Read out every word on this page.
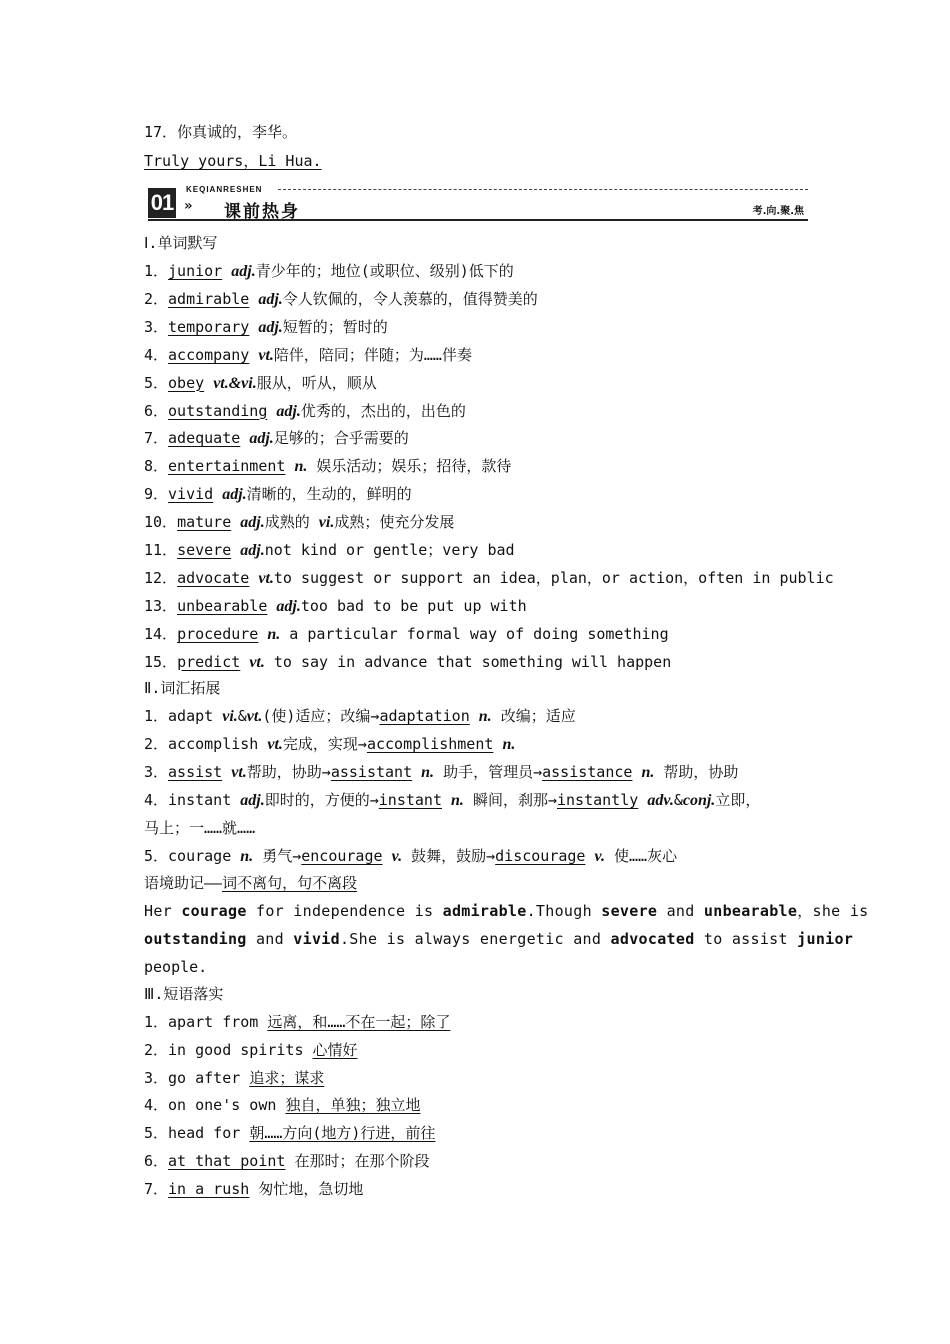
17．你真诚的，李华。
Truly yours，Li Hua.
01
KEQIANRESHEN
» 课前热身	考.向.聚.焦
Ⅰ.单词默写
1．junior adj.青少年的；地位(或职位、级别)低下的
2．admirable adj.令人钦佩的，令人羡慕的，值得赞美的
3．temporary adj.短暂的；暂时的
4．accompany vt.陪伴，陪同；伴随；为……伴奏
5．obey vt.&vi.服从，听从，顺从
6．outstanding adj.优秀的，杰出的，出色的
7．adequate adj.足够的；合乎需要的
8．entertainment n. 娱乐活动；娱乐；招待，款待
9．vivid adj.清晰的，生动的，鲜明的
10．mature adj.成熟的 vi.成熟；使充分发展
11．severe adj.not kind or gentle；very bad
12．advocate vt.to suggest or support an idea，plan，or action，often in public
13．unbearable adj.too bad to be put up with
14．procedure n. a particular formal way of doing something
15．predict vt. to say in advance that something will happen
Ⅱ.词汇拓展
1．adapt vi.&vt.(使)适应；改编→adaptation n. 改编；适应
2．accomplish vt.完成，实现→accomplishment n.
3．assist vt.帮助，协助→assistant n. 助手，管理员→assistance n. 帮助，协助
4．instant adj.即时的，方便的→instant n. 瞬间，刹那→instantly adv.&conj.立即，
马上；一……就……
5．courage n. 勇气→encourage v. 鼓舞，鼓励→discourage v. 使……灰心
语境助记——词不离句，句不离段
Her courage for independence is admirable.Though severe and unbearable，she is
outstanding and vivid.She is always energetic and advocated to assist junior
people.
Ⅲ.短语落实
1．apart from 远离，和……不在一起；除了
2．in good spirits 心情好
3．go after 追求；谋求
4．on one's own 独自，单独；独立地
5．head for 朝……方向(地方)行进，前往
6．at that point 在那时；在那个阶段
7．in a rush 匆忙地，急切地
